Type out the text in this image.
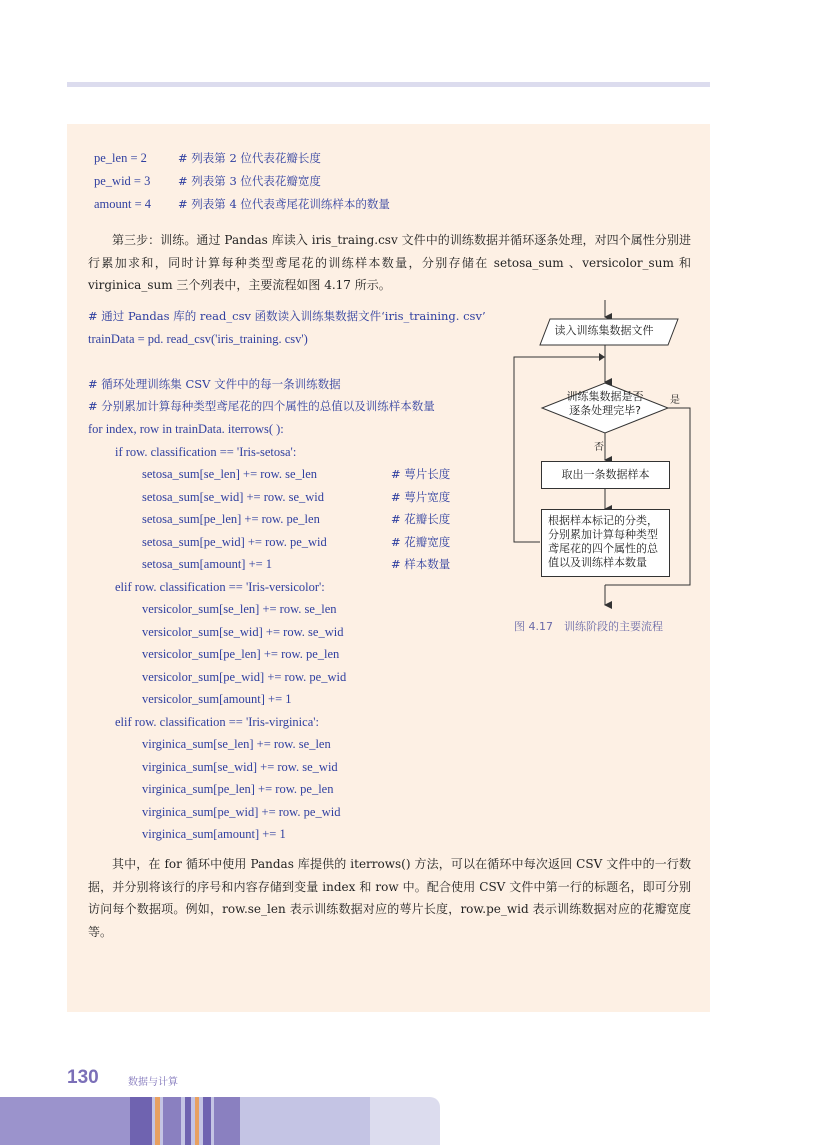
pe_len = 2	# 列表第 2 位代表花瓣长度
pe_wid = 3 # 列表第 3 位代表花瓣宽度
amount = 4 # 列表第 4 位代表鸢尾花训练样本的数量

第三步：训练。通过 Pandas 库读入 iris_traing.csv 文件中的训练数据并循环逐条处理，对四个属性分别进行累加求和，同时计算每种类型鸢尾花的训练样本数量，分别存储在 setosa_sum 、versicolor_sum 和 virginica_sum 三个列表中，主要流程如图 4.17 所示。

# 通过 Pandas 库的 read_csv 函数读入训练集数据文件‘iris_training. csv’
trainData = pd. read_csv('iris_training. csv')
# 循环处理训练集 CSV 文件中的每一条训练数据
# 分别累加计算每种类型鸢尾花的四个属性的总值以及训练样本数量
for index, row in trainData. iterrows( ):
if row. classification == 'Iris-setosa':
setosa_sum[se_len] += row. se_len	# 萼片长度
setosa_sum[se_wid] += row. se_wid	# 萼片宽度
setosa_sum[pe_len] += row. pe_len	# 花瓣长度
setosa_sum[pe_wid] += row. pe_wid	# 花瓣宽度
setosa_sum[amount] += 1	# 样本数量
elif row. classification == 'Iris-versicolor':
versicolor_sum[se_len] += row. se_len
versicolor_sum[se_wid] += row. se_wid
versicolor_sum[pe_len] += row. pe_len
versicolor_sum[pe_wid] += row. pe_wid
versicolor_sum[amount] += 1
elif row. classification == 'Iris-virginica':
virginica_sum[se_len] += row. se_len
virginica_sum[se_wid] += row. se_wid
virginica_sum[pe_len] += row. pe_len
virginica_sum[pe_wid] += row. pe_wid
virginica_sum[amount] += 1
读入训练集数据文件
训练集数据是否
逐条处理完毕?
是
否
取出一条数据样本
根据样本标记的分类，
分别累加计算每种类型
鸢尾花的四个属性的总
值以及训练样本数量
图 4.17　训练阶段的主要流程

其中，在 for 循环中使用 Pandas 库提供的 iterrows() 方法，可以在循环中每次返回 CSV 文件中的一行数据，并分别将该行的序号和内容存储到变量 index 和 row 中。配合使用 CSV 文件中第一行的标题名，即可分别访问每个数据项。例如，row.se_len 表示训练数据对应的萼片长度，row.pe_wid 表示训练数据对应的花瓣宽度等。

130	数据与计算
